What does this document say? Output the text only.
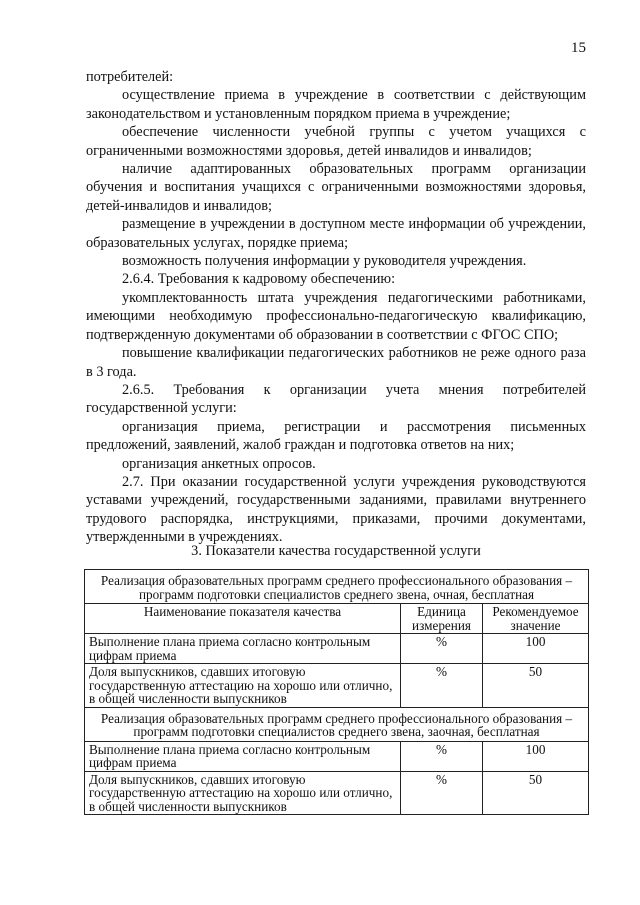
15

потребителей:

осуществление приема в учреждение в соответствии с действующим законодательством и установленным порядком приема в учреждение;

обеспечение численности учебной группы с учетом учащихся с ограниченными возможностями здоровья, детей инвалидов и инвалидов;

наличие адаптированных образовательных программ организации обучения и воспитания учащихся с ограниченными возможностями здоровья, детей-инвалидов и инвалидов;

размещение в учреждении в доступном месте информации об учреждении, образовательных услугах, порядке приема;

возможность получения информации у руководителя учреждения.

2.6.4. Требования к кадровому обеспечению:

укомплектованность штата учреждения педагогическими работниками, имеющими необходимую профессионально-педагогическую квалификацию, подтвержденную документами об образовании в соответствии с ФГОС СПО;

повышение квалификации педагогических работников не реже одного раза в 3 года.

2.6.5. Требования к организации учета мнения потребителей государственной услуги:

организация приема, регистрации и рассмотрения письменных предложений, заявлений, жалоб граждан и подготовка ответов на них;

организация анкетных опросов.

2.7. При оказании государственной услуги учреждения руководствуются уставами учреждений, государственными заданиями, правилами внутреннего трудового распорядка, инструкциями, приказами, прочими документами, утвержденными в учреждениях.

3. Показатели качества государственной услуги
Реализация образовательных программ среднего профессионального образования – программ подготовки специалистов среднего звена, очная, бесплатная		
Наименование показателя качества	Единица измерения	Рекомендуемое значение
Выполнение плана приема согласно контрольным цифрам приема	%	100
Доля выпускников, сдавших итоговую государственную аттестацию на хорошо или отлично, в общей численности выпускников	%	50
Реализация образовательных программ среднего профессионального образования – программ подготовки специалистов среднего звена, заочная, бесплатная		
Выполнение плана приема согласно контрольным цифрам приема	%	100
Доля выпускников, сдавших итоговую государственную аттестацию на хорошо или отлично, в общей численности выпускников	%	50
